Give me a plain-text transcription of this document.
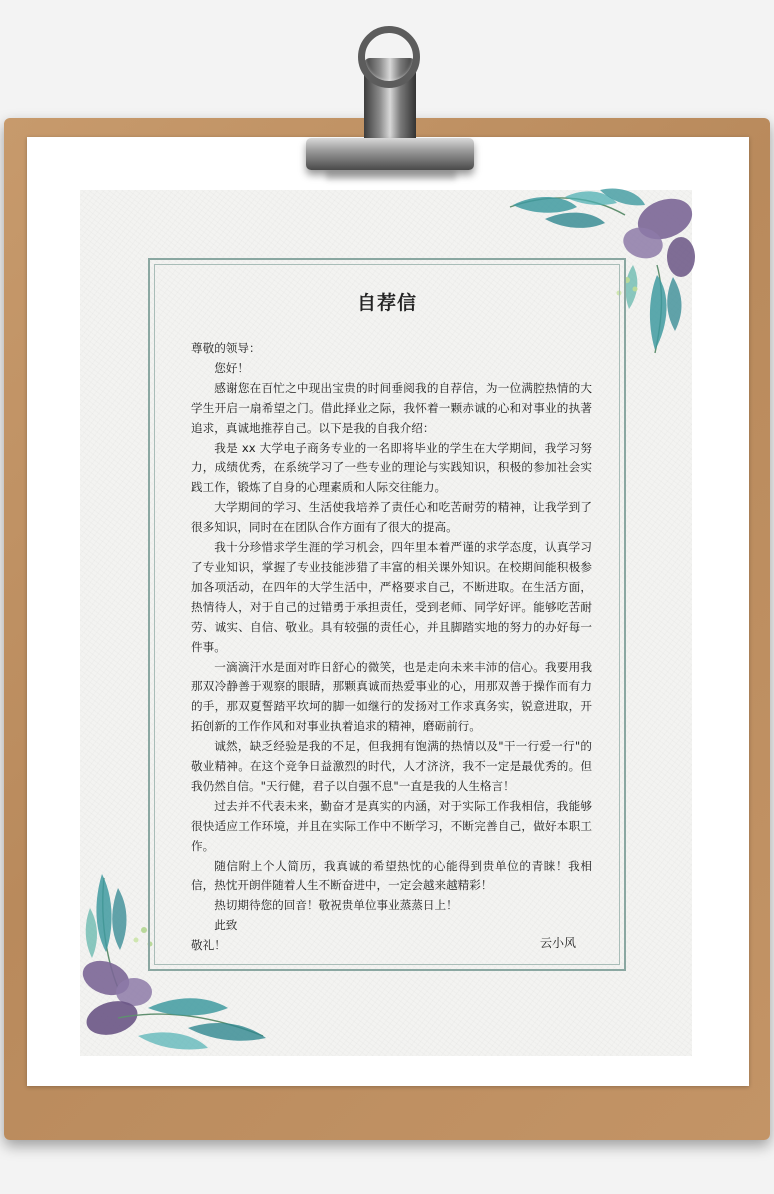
自荐信

尊敬的领导：

您好！

感谢您在百忙之中现出宝贵的时间垂阅我的自荐信，为一位满腔热情的大学生开启一扇希望之门。借此择业之际，我怀着一颗赤诚的心和对事业的执著追求，真诚地推荐自己。以下是我的自我介绍：

我是 xx 大学电子商务专业的一名即将毕业的学生在大学期间，我学习努力，成绩优秀，在系统学习了一些专业的理论与实践知识，积极的参加社会实践工作，锻炼了自身的心理素质和人际交往能力。

大学期间的学习、生活使我培养了责任心和吃苦耐劳的精神，让我学到了很多知识，同时在在团队合作方面有了很大的提高。

我十分珍惜求学生涯的学习机会，四年里本着严谨的求学态度，认真学习了专业知识，掌握了专业技能涉猎了丰富的相关课外知识。在校期间能积极参加各项活动，在四年的大学生活中，严格要求自己，不断进取。在生活方面，热情待人，对于自己的过错勇于承担责任，受到老师、同学好评。能够吃苦耐劳、诚实、自信、敬业。具有较强的责任心，并且脚踏实地的努力的办好每一件事。

一滴滴汗水是面对昨日舒心的微笑，也是走向未来丰沛的信心。我要用我那双冷静善于观察的眼睛，那颗真诚而热爱事业的心，用那双善于操作而有力的手，那双夏誓踏平坎坷的脚一如继行的发扬对工作求真务实，锐意进取，开拓创新的工作作风和对事业执着追求的精神，磨砺前行。

诚然，缺乏经验是我的不足，但我拥有饱满的热情以及"干一行爱一行"的敬业精神。在这个竞争日益激烈的时代，人才济济，我不一定是最优秀的。但我仍然自信。"天行健，君子以自强不息"一直是我的人生格言！

过去并不代表未来，勤奋才是真实的内涵，对于实际工作我相信，我能够很快适应工作环境，并且在实际工作中不断学习，不断完善自己，做好本职工作。

随信附上个人简历，我真诚的希望热忱的心能得到贵单位的青睐！我相信，热忱开朗伴随着人生不断奋进中，一定会越来越精彩！

热切期待您的回音！敬祝贵单位事业蒸蒸日上！

此致

敬礼！	云小风
